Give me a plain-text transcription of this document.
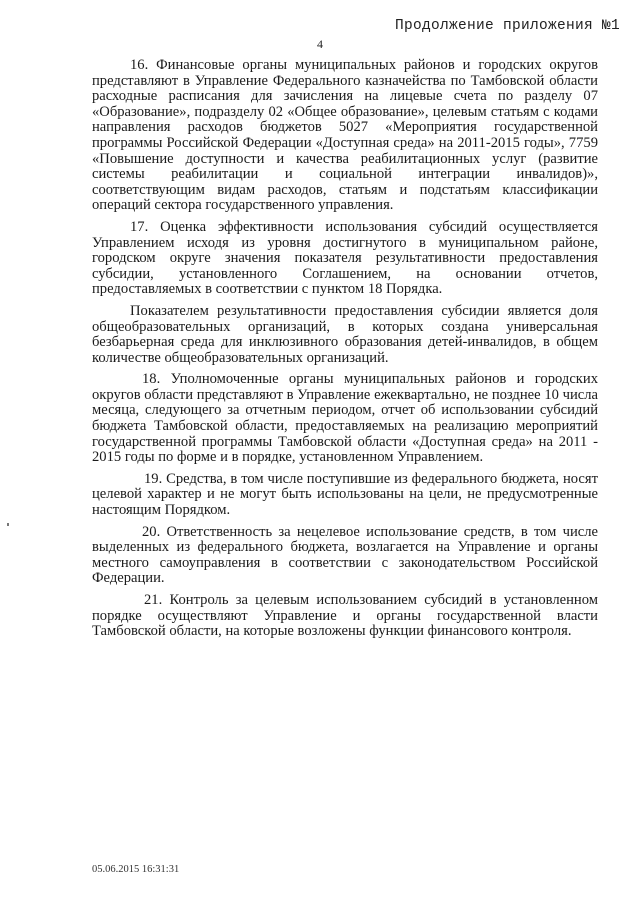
Продолжение приложения №1
4

16. Финансовые органы муниципальных районов и городских округов представляют в Управление Федерального казначейства по Тамбовской области расходные расписания для зачисления на лицевые счета по разделу 07 «Образование», подразделу 02 «Общее образование», целевым статьям с кодами направления расходов бюджетов 5027 «Мероприятия государственной программы Российской Федерации «Доступная среда» на 2011-2015 годы», 7759 «Повышение доступности и качества реабилитационных услуг (развитие системы реабилитации и социальной интеграции инвалидов)», соответствующим видам расходов, статьям и подстатьям классификации операций сектора государственного управления.

17. Оценка эффективности использования субсидий осуществляется Управлением исходя из уровня достигнутого в муниципальном районе, городском округе значения показателя результативности предоставления субсидии, установленного Соглашением, на основании отчетов, предоставляемых в соответствии с пунктом 18 Порядка.

Показателем результативности предоставления субсидии является доля общеобразовательных организаций, в которых создана универсальная безбарьерная среда для инклюзивного образования детей-инвалидов, в общем количестве общеобразовательных организаций.

18. Уполномоченные органы муниципальных районов и городских округов области представляют в Управление ежеквартально, не позднее 10 числа месяца, следующего за отчетным периодом, отчет об использовании субсидий бюджета Тамбовской области, предоставляемых на реализацию мероприятий государственной программы Тамбовской области «Доступная среда» на 2011 - 2015 годы по форме и в порядке, установленном Управлением.

19. Средства, в том числе поступившие из федерального бюджета, носят целевой характер и не могут быть использованы на цели, не предусмотренные настоящим Порядком.

20. Ответственность за нецелевое использование средств, в том числе выделенных из федерального бюджета, возлагается на Управление и органы местного самоуправления в соответствии с законодательством Российской Федерации.

21. Контроль за целевым использованием субсидий в установленном порядке осуществляют Управление и органы государственной власти Тамбовской области, на которые возложены функции финансового контроля.

05.06.2015 16:31:31
